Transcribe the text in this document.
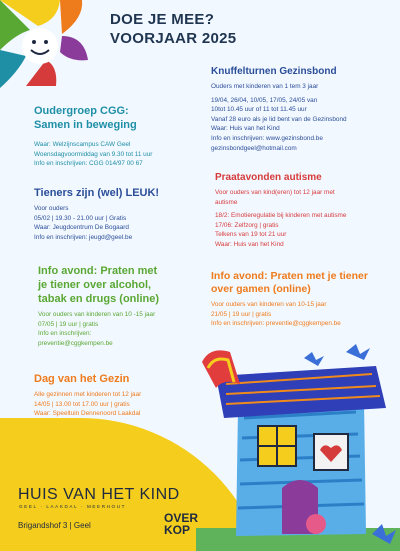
DOE JE MEE?
VOORJAAR 2025
Oudergroep CGG:
Samen in beweging
Waar: Welzijnscampus CAW Geel
Woensdagvoormiddag van 9.30 tot 11 uur
Info en inschrijven: CGG 014/97 00 67
Tieners zijn (wel) LEUK!
Voor ouders
05/02 | 19.30 - 21.00 uur | Gratis
Waar: Jeugdcentrum De Bogaard
Info en inschrijven: jeugd@geel.be
Info avond: Praten met
je tiener over alcohol,
tabak en drugs (online)
Voor ouders van kinderen van 10 -15 jaar
07/05 | 19 uur | gratis
Info en inschrijven:
preventie@cggkempen.be
Dag van het Gezin
Alle gezinnen met kinderen tot 12 jaar
14/05 | 13.00 tot 17.00 uur | gratis
Waar: Speeltuin Dennenoord Laakdal
Knuffelturnen Gezinsbond
Ouders met kinderen van 1 tem 3 jaar
19/04, 26/04, 10/05, 17/05, 24/05 van
10tot 10.45 uur of 11 tot 11.45 uur
Vanaf 28 euro als je lid bent van de Gezinsbond
Waar: Huis van het Kind
Info en inschrijven: www.gezinsbond.be
gezinsbondgeel@hotmail.com
Praatavonden autisme
Voor ouders van kind(eren) tot 12 jaar met
autisme
18/2: Emotieregulatie bij kinderen met autisme
17/06: Zelfzorg | gratis
Telkens van 19 tot 21 uur
Waar: Huis van het Kind
Info avond: Praten met je tiener
over gamen (online)
Voor ouders van kinderen van 10-15 jaar
21/05 | 19 uur | gratis
Info en inschrijven: preventie@cggkempen.be
HUIS VAN HET KIND
GEEL · LAAKDAL · MEERHOUT
Brigandshof 3 | Geel
OVER
KOP
